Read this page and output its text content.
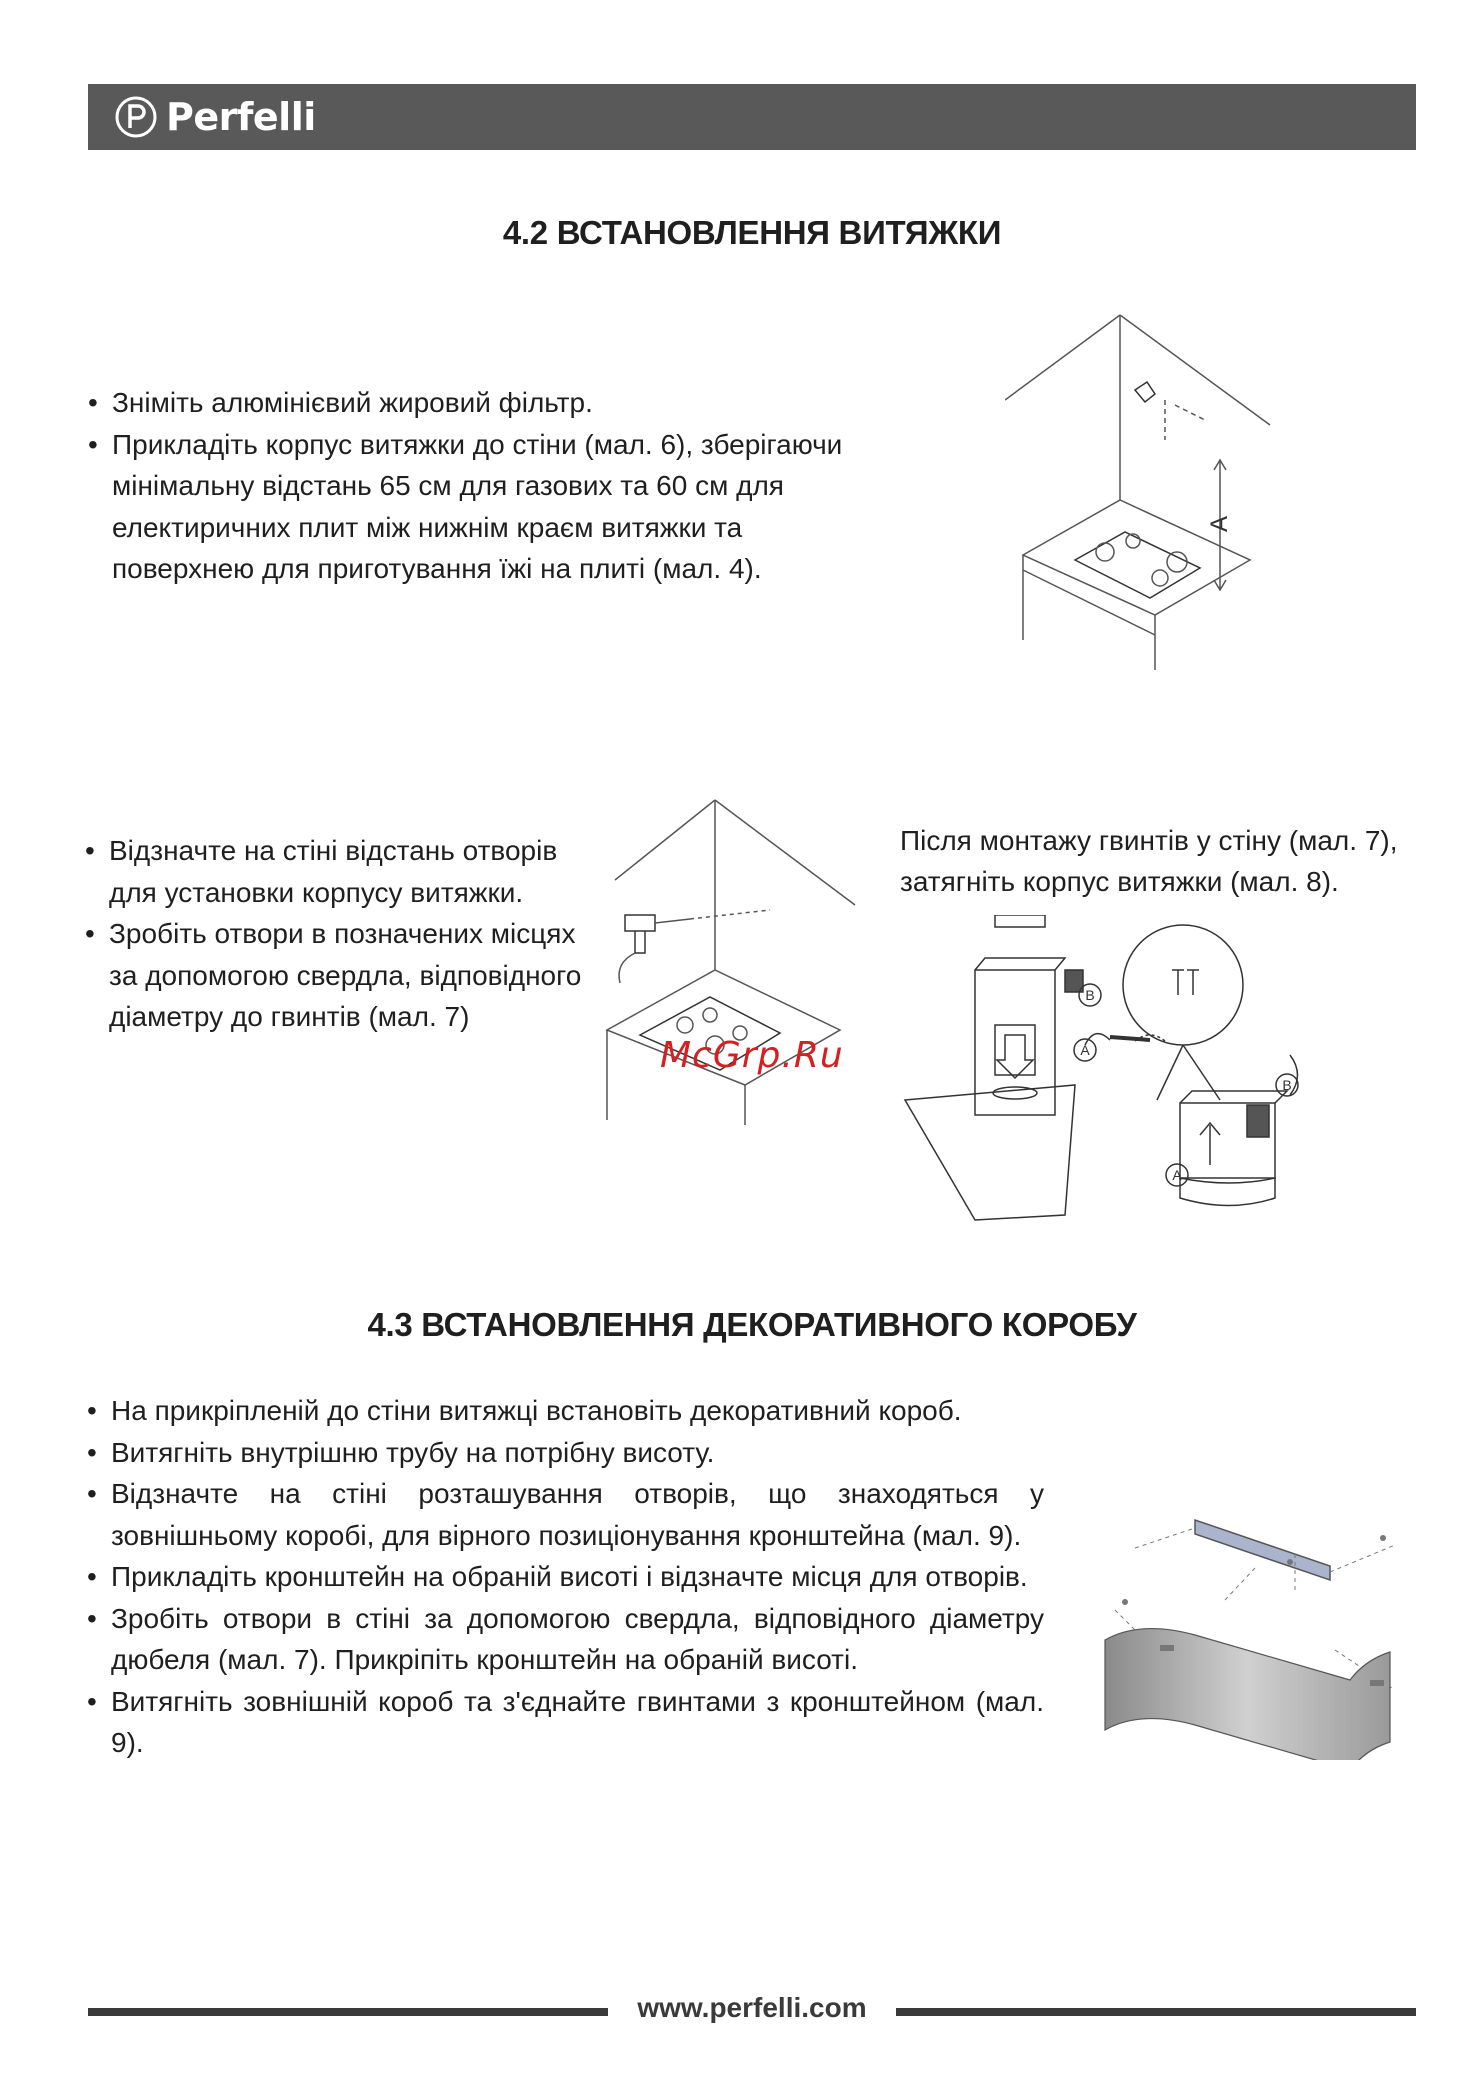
Perfelli
4.2 ВСТАНОВЛЕННЯ ВИТЯЖКИ
• Зніміть алюмінієвий жировий фільтр.
• Прикладіть корпус витяжки до стіни (мал. 6), зберігаючи мінімальну відстань 65 см для газових та 60 см для електиричних плит між нижнім краєм витяжки та поверхнею для приготування їжі на плиті (мал. 4).
A
• Відзначте на стіні відстань отворів для установки корпусу витяжки.
• Зробіть отвори в позначених місцях за допомогою свердла, відповідного діаметру до гвинтів (мал. 7)
McGrp.Ru
Після монтажу гвинтів у стіну (мал. 7), затягніть корпус витяжки (мал. 8).
B
A
B
A
4.3 ВСТАНОВЛЕННЯ ДЕКОРАТИВНОГО КОРОБУ
• На прикріпленій до стіни витяжці встановіть декоративний короб.
• Витягніть внутрішню трубу на потрібну висоту.
• Відзначте на стіні розташування отворів, що знаходяться у зовнішньому коробі, для вірного позиціонування кронштейна (мал. 9).
• Прикладіть кронштейн на обраній висоті і відзначте місця для отворів.
• Зробіть отвори в стіні за допомогою свердла, відповідного діаметру дюбеля (мал. 7). Прикріпіть кронштейн на обраній висоті.
• Витягніть зовнішній короб та з'єднайте гвинтами з кронштейном (мал. 9).
www.perfelli.com
